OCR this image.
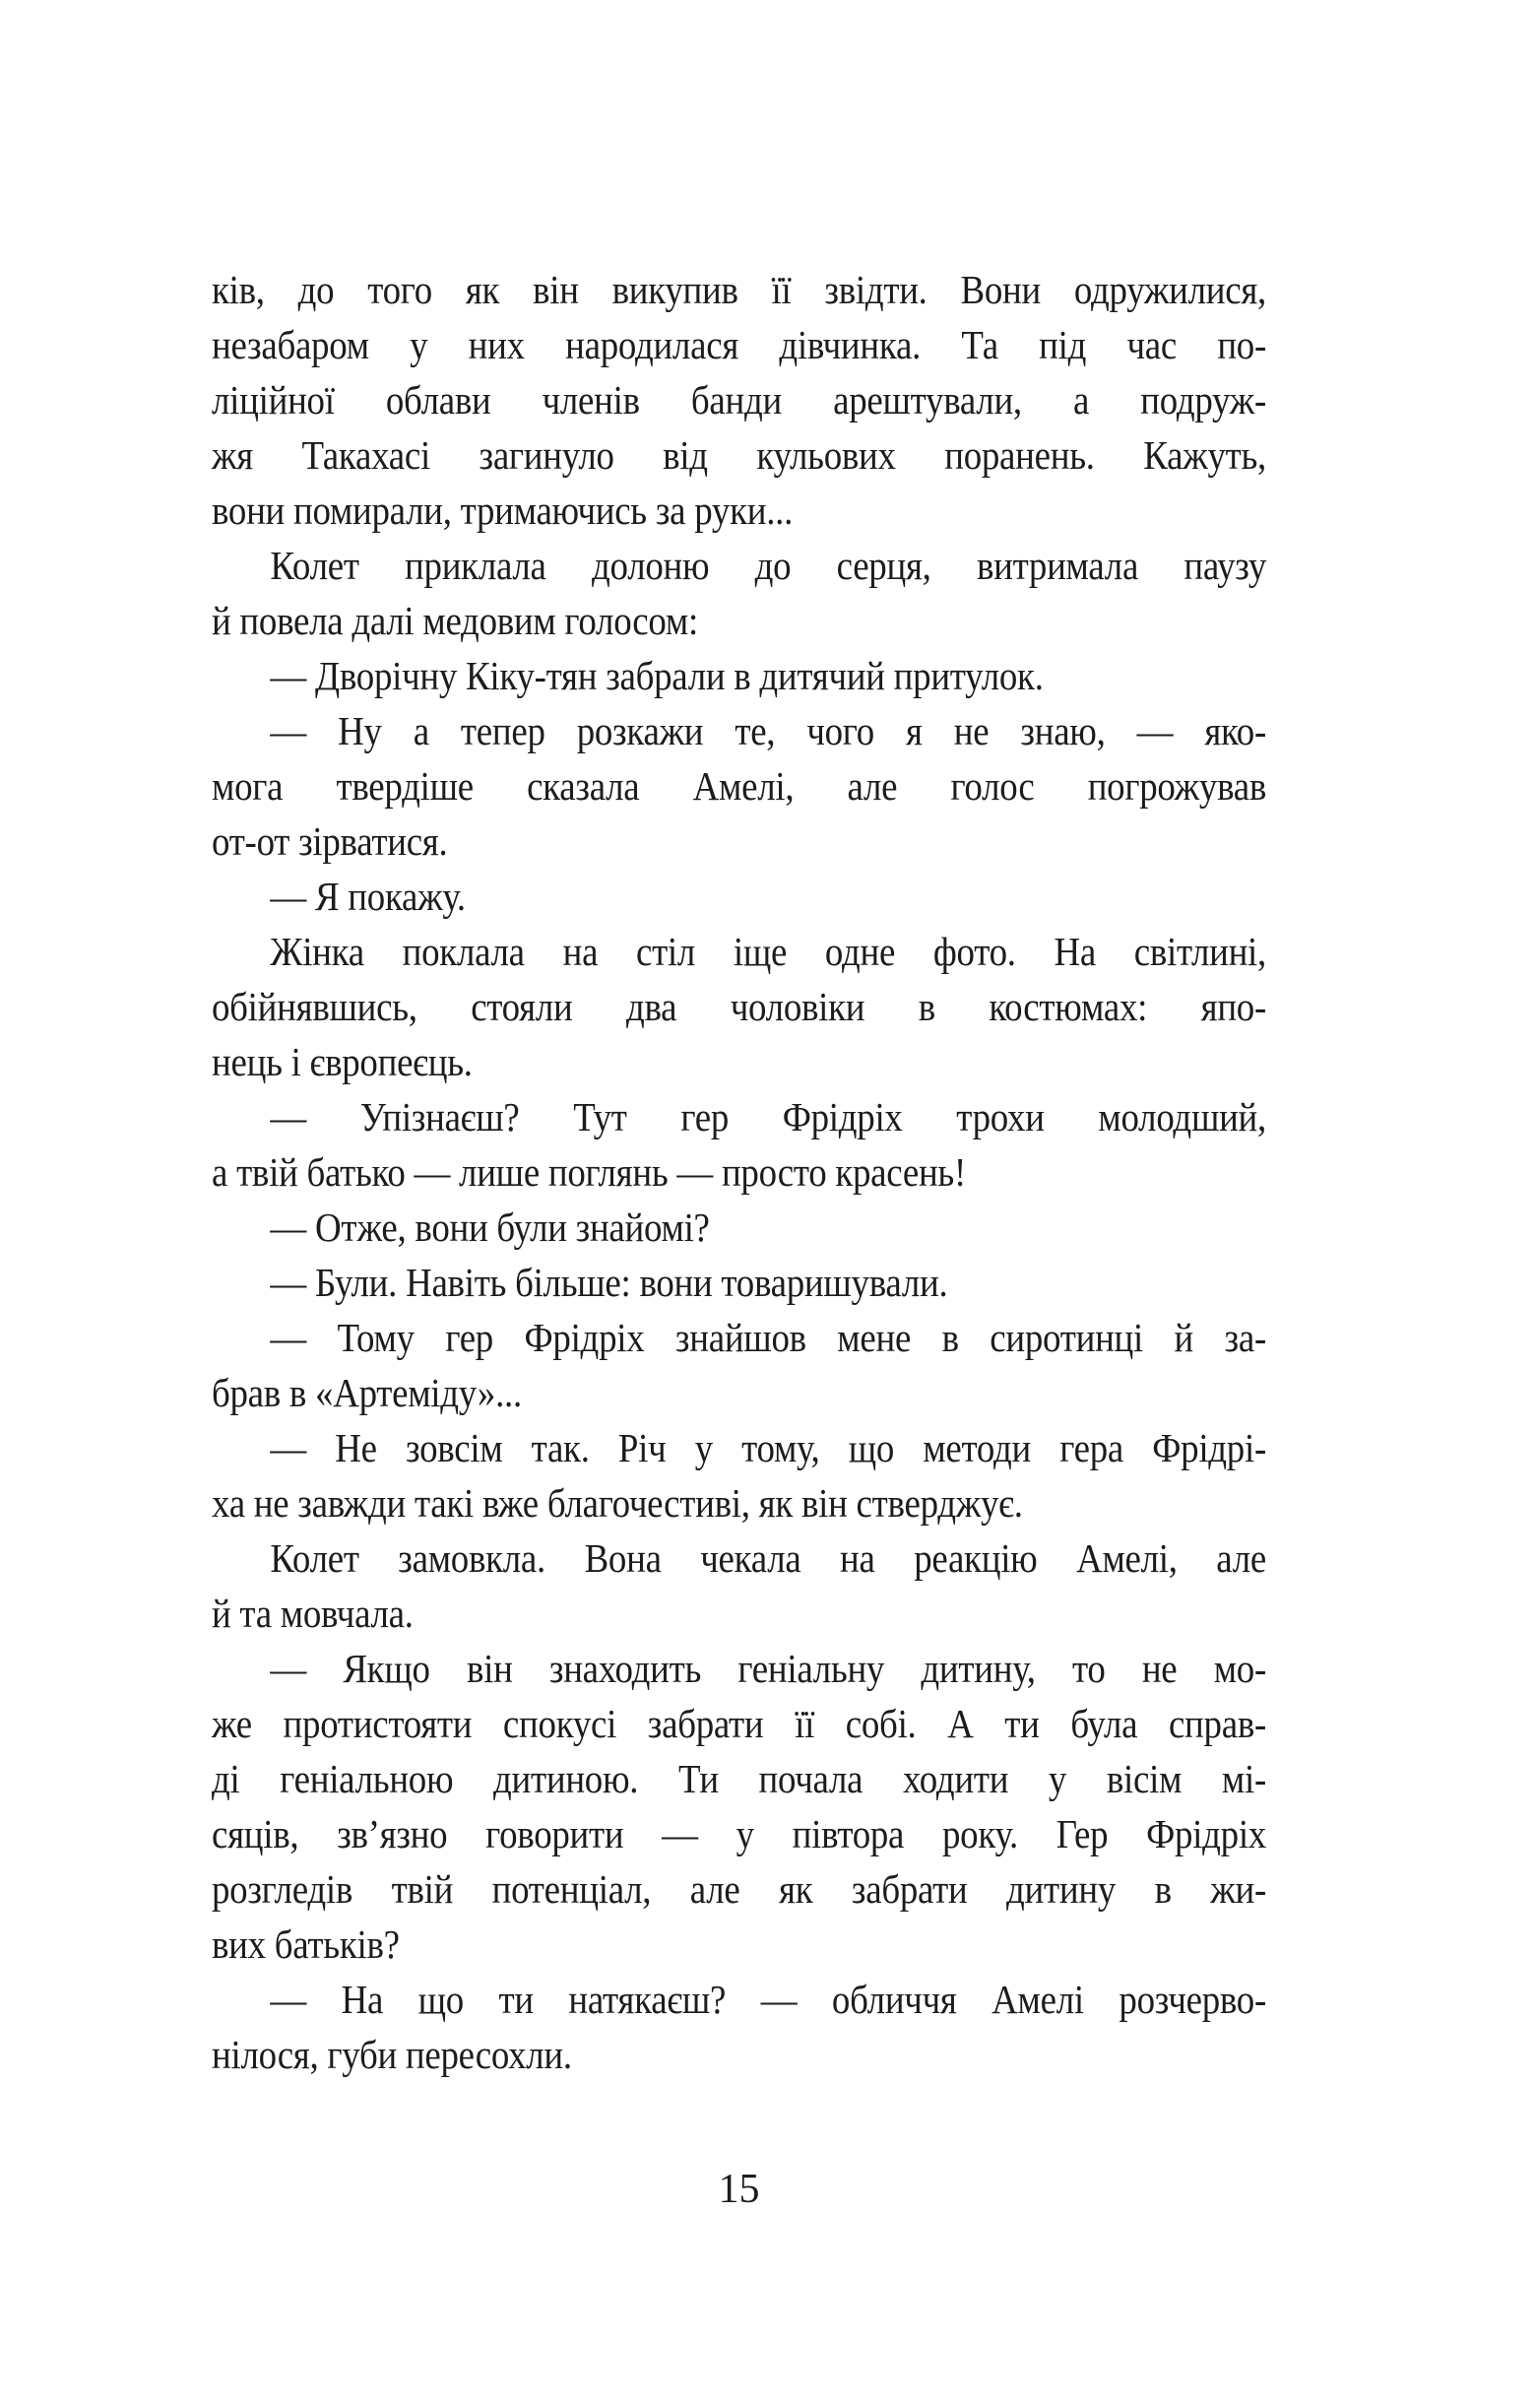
ків, до того як він викупив її звідти. Вони одружилися,
незабаром у них народилася дівчинка. Та під час по-
ліційної облави членів банди арештували, а подруж-
жя Такахасі загинуло від кульових поранень. Кажуть,
вони помирали, тримаючись за руки...
Колет приклала долоню до серця, витримала паузу
й повела далі медовим голосом:
— Дворічну Кіку-тян забрали в дитячий притулок.
— Ну а тепер розкажи те, чого я не знаю, — яко-
мога твердіше сказала Амелі, але голос погрожував
от-от зірватися.
— Я покажу.
Жінка поклала на стіл іще одне фото. На світлині,
обійнявшись, стояли два чоловіки в костюмах: япо-
нець і європеєць.
— Упізнаєш? Тут гер Фрідріх трохи молодший,
а твій батько — лише поглянь — просто красень!
— Отже, вони були знайомі?
— Були. Навіть більше: вони товаришували.
— Тому гер Фрідріх знайшов мене в сиротинці й за-
брав в «Артеміду»...
— Не зовсім так. Річ у тому, що методи гера Фрідрі-
ха не завжди такі вже благочестиві, як він стверджує.
Колет замовкла. Вона чекала на реакцію Амелі, але
й та мовчала.
— Якщо він знаходить геніальну дитину, то не мо-
же протистояти спокусі забрати її собі. А ти була справ-
ді геніальною дитиною. Ти почала ходити у вісім мі-
сяців, зв’язно говорити — у півтора року. Гер Фрідріх
розгледів твій потенціал, але як забрати дитину в жи-
вих батьків?
— На що ти натякаєш? — обличчя Амелі розчерво-
нілося, губи пересохли.
15
